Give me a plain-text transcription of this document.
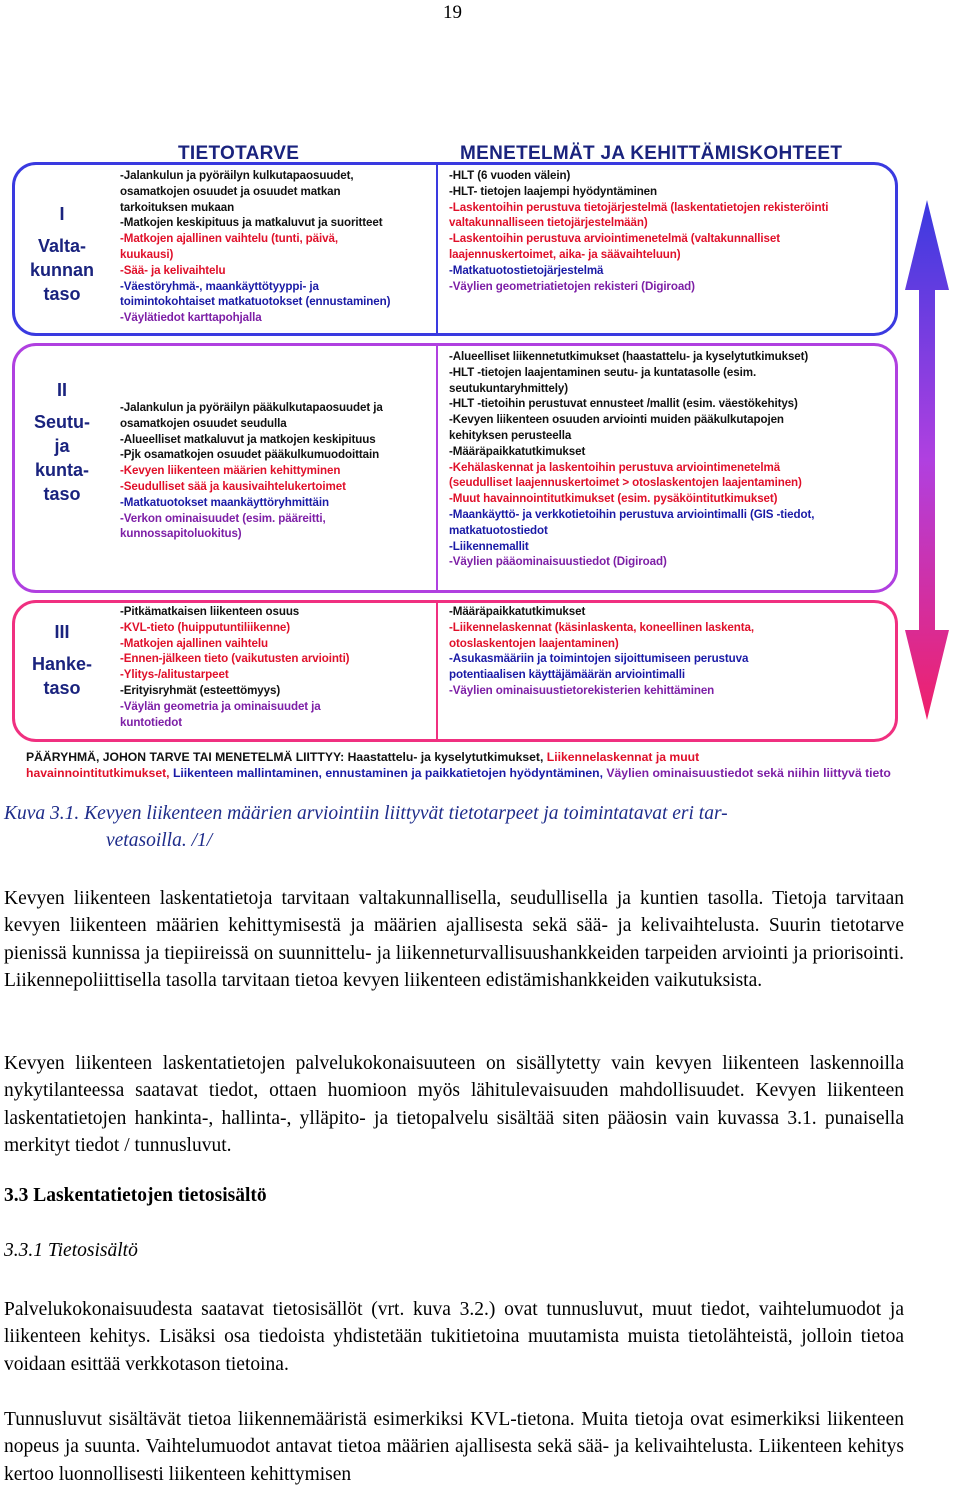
19
TIETOTARVE	MENETELMÄT JA KEHITTÄMISKOHTEET
I
Valta-
kunnan
taso
II
Seutu-
ja
kunta-
taso
III
Hanke-
taso
-Jalankulun ja pyöräilyn kulkutapaosuudet,
osamatkojen osuudet ja osuudet matkan
tarkoituksen mukaan
-Matkojen keskipituus ja matkaluvut ja suoritteet
-Matkojen ajallinen vaihtelu (tunti, päivä,
kuukausi)
-Sää- ja kelivaihtelu
-Väestöryhmä-, maankäyttötyyppi- ja
toimintokohtaiset matkatuotokset (ennustaminen)
-Väylätiedot karttapohjalla
-HLT (6 vuoden välein)
-HLT- tietojen laajempi hyödyntäminen
-Laskentoihin perustuva tietojärjestelmä (laskentatietojen rekisteröinti
valtakunnalliseen tietojärjestelmään)
-Laskentoihin perustuva arviointimenetelmä (valtakunnalliset
laajennuskertoimet, aika- ja säävaihteluun)
-Matkatuotostietojärjestelmä
-Väylien geometriatietojen rekisteri (Digiroad)
-Jalankulun ja pyöräilyn pääkulkutapaosuudet ja
osamatkojen osuudet seudulla
-Alueelliset matkaluvut ja matkojen keskipituus
-Pjk osamatkojen osuudet pääkulkumuodoittain
-Kevyen liikenteen määrien kehittyminen
-Seudulliset sää ja kausivaihtelukertoimet
-Matkatuotokset maankäyttöryhmittäin
-Verkon ominaisuudet (esim. pääreitti,
kunnossapitoluokitus)
-Alueelliset liikennetutkimukset (haastattelu- ja kyselytutkimukset)
-HLT -tietojen laajentaminen seutu- ja kuntatasolle (esim.
seutukuntaryhmittely)
-HLT -tietoihin perustuvat ennusteet /mallit (esim. väestökehitys)
-Kevyen liikenteen osuuden arviointi muiden pääkulkutapojen
kehityksen perusteella
-Määräpaikkatutkimukset
-Kehälaskennat ja laskentoihin perustuva arviointimenetelmä
(seudulliset laajennuskertoimet > otoslaskentojen laajentaminen)
-Muut havainnointitutkimukset (esim. pysäköintitutkimukset)
-Maankäyttö- ja verkkotietoihin perustuva arviointimalli (GIS -tiedot,
matkatuotostiedot
-Liikennemallit
-Väylien pääominaisuustiedot (Digiroad)
-Pitkämatkaisen liikenteen osuus
-KVL-tieto (huipputuntiliikenne)
-Matkojen ajallinen vaihtelu
-Ennen-jälkeen tieto (vaikutusten arviointi)
-Ylitys-/alitustarpeet
-Erityisryhmät (esteettömyys)
-Väylän geometria ja ominaisuudet ja
kuntotiedot
-Määräpaikkatutkimukset
-Liikennelaskennat (käsinlaskenta, koneellinen laskenta,
otoslaskentojen laajentaminen)
-Asukasmääriin ja toimintojen sijoittumiseen perustuva
potentiaalisen käyttäjämäärän arviointimalli
-Väylien ominaisuustietorekisterien kehittäminen
PÄÄRYHMÄ, JOHON TARVE TAI MENETELMÄ LIITTYY: Haastattelu- ja kyselytutkimukset, Liikennelaskennat ja muut
havainnointitutkimukset, Liikenteen mallintaminen, ennustaminen ja paikkatietojen hyödyntäminen, Väylien ominaisuustiedot sekä niihin liittyvä tieto
Kuva 3.1. Kevyen liikenteen määrien arviointiin liittyvät tietotarpeet ja toimintatavat eri tar-
vetasoilla. /1/
Kevyen liikenteen laskentatietoja tarvitaan valtakunnallisella, seudullisella ja kuntien tasolla. Tietoja tarvitaan kevyen liikenteen määrien kehittymisestä ja määrien ajallisesta sekä sää- ja kelivaihtelusta. Suurin tietotarve pienissä kunnissa ja tiepiireissä on suunnittelu- ja liikenneturvallisuushankkeiden tarpeiden arviointi ja priorisointi. Liikennepoliittisella tasolla tarvitaan tietoa kevyen liikenteen edistämishankkeiden vaikutuksista.
Kevyen liikenteen laskentatietojen palvelukokonaisuuteen on sisällytetty vain kevyen liikenteen laskennoilla nykytilanteessa saatavat tiedot, ottaen huomioon myös lähitulevaisuuden mahdollisuudet. Kevyen liikenteen laskentatietojen hankinta-, hallinta-, ylläpito- ja tietopalvelu sisältää siten pääosin vain kuvassa 3.1. punaisella merkityt tiedot / tunnusluvut.
3.3 Laskentatietojen tietosisältö
3.3.1 Tietosisältö
Palvelukokonaisuudesta saatavat tietosisällöt (vrt. kuva 3.2.) ovat tunnusluvut, muut tiedot, vaihtelumuodot ja liikenteen kehitys. Lisäksi osa tiedoista yhdistetään tukitietoina muutamista muista tietolähteistä, jolloin tietoa voidaan esittää verkkotason tietoina.
Tunnusluvut sisältävät tietoa liikennemääristä esimerkiksi KVL-tietona. Muita tietoja ovat esimerkiksi liikenteen nopeus ja suunta. Vaihtelumuodot antavat tietoa määrien ajallisesta sekä sää- ja kelivaihtelusta. Liikenteen kehitys kertoo luonnollisesti liikenteen kehittymisen
